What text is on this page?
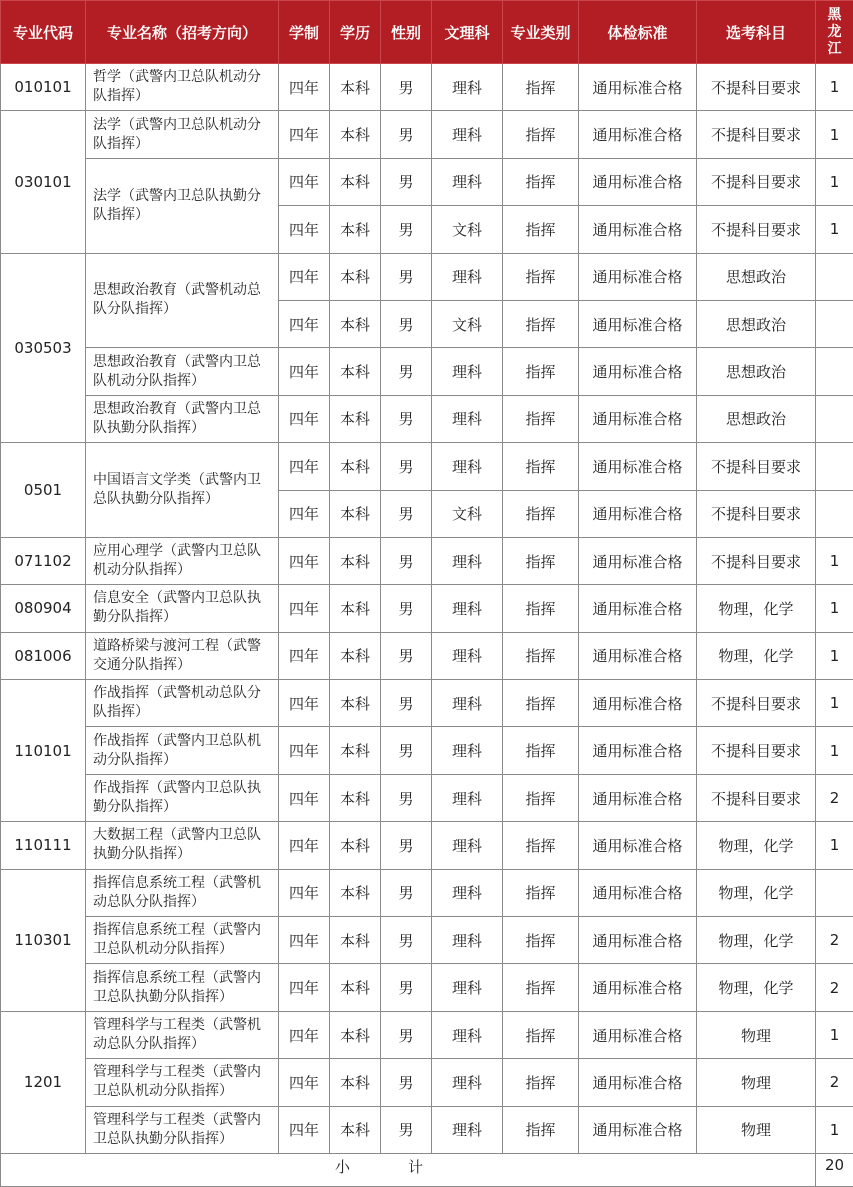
专业代码	专业名称（招考方向）	学制	学历	性别	文理科	专业类别	体检标准	选考科目	黑龙江
010101	哲学（武警内卫总队机动分队指挥）	四年	本科	男	理科	指挥	通用标准合格	不提科目要求	1
030101	法学（武警内卫总队机动分队指挥）	四年	本科	男	理科	指挥	通用标准合格	不提科目要求	1
	法学（武警内卫总队执勤分队指挥）	四年	本科	男	理科	指挥	通用标准合格	不提科目要求	1
		四年	本科	男	文科	指挥	通用标准合格	不提科目要求	1
030503	思想政治教育（武警机动总队分队指挥）	四年	本科	男	理科	指挥	通用标准合格	思想政治	
		四年	本科	男	文科	指挥	通用标准合格	思想政治	
	思想政治教育（武警内卫总队机动分队指挥）	四年	本科	男	理科	指挥	通用标准合格	思想政治	
	思想政治教育（武警内卫总队执勤分队指挥）	四年	本科	男	理科	指挥	通用标准合格	思想政治	
0501	中国语言文学类（武警内卫总队执勤分队指挥）	四年	本科	男	理科	指挥	通用标准合格	不提科目要求	
		四年	本科	男	文科	指挥	通用标准合格	不提科目要求	
071102	应用心理学（武警内卫总队机动分队指挥）	四年	本科	男	理科	指挥	通用标准合格	不提科目要求	1
080904	信息安全（武警内卫总队执勤分队指挥）	四年	本科	男	理科	指挥	通用标准合格	物理，化学	1
081006	道路桥梁与渡河工程（武警交通分队指挥）	四年	本科	男	理科	指挥	通用标准合格	物理，化学	1
110101	作战指挥（武警机动总队分队指挥）	四年	本科	男	理科	指挥	通用标准合格	不提科目要求	1
	作战指挥（武警内卫总队机动分队指挥）	四年	本科	男	理科	指挥	通用标准合格	不提科目要求	1
	作战指挥（武警内卫总队执勤分队指挥）	四年	本科	男	理科	指挥	通用标准合格	不提科目要求	2
110111	大数据工程（武警内卫总队执勤分队指挥）	四年	本科	男	理科	指挥	通用标准合格	物理，化学	1
110301	指挥信息系统工程（武警机动总队分队指挥）	四年	本科	男	理科	指挥	通用标准合格	物理，化学	
	指挥信息系统工程（武警内卫总队机动分队指挥）	四年	本科	男	理科	指挥	通用标准合格	物理，化学	2
	指挥信息系统工程（武警内卫总队执勤分队指挥）	四年	本科	男	理科	指挥	通用标准合格	物理，化学	2
1201	管理科学与工程类（武警机动总队分队指挥）	四年	本科	男	理科	指挥	通用标准合格	物理	1
	管理科学与工程类（武警内卫总队机动分队指挥）	四年	本科	男	理科	指挥	通用标准合格	物理	2
	管理科学与工程类（武警内卫总队执勤分队指挥）	四年	本科	男	理科	指挥	通用标准合格	物理	1
小计									20
